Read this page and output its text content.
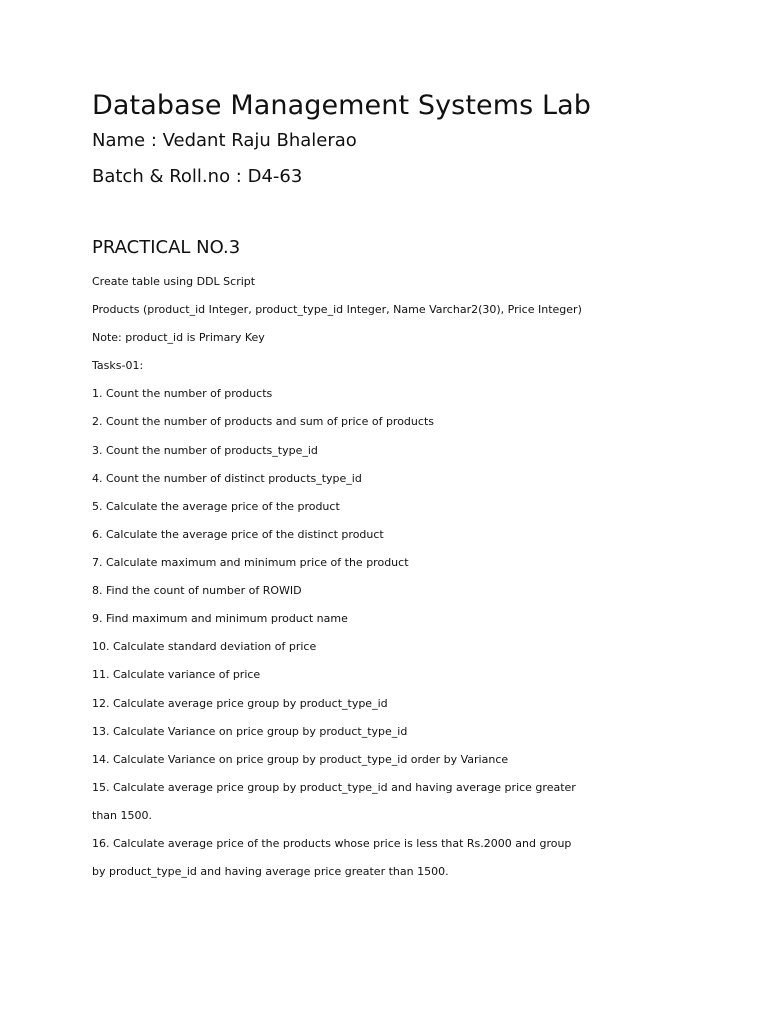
Database Management Systems Lab
Name : Vedant Raju Bhalerao
Batch & Roll.no : D4-63
PRACTICAL NO.3
Create table using DDL Script
Products (product_id Integer, product_type_id Integer, Name Varchar2(30), Price Integer)
Note: product_id is Primary Key
Tasks-01:
1. Count the number of products
2. Count the number of products and sum of price of products
3. Count the number of products_type_id
4. Count the number of distinct products_type_id
5. Calculate the average price of the product
6. Calculate the average price of the distinct product
7. Calculate maximum and minimum price of the product
8. Find the count of number of ROWID
9. Find maximum and minimum product name
10. Calculate standard deviation of price
11. Calculate variance of price
12. Calculate average price group by product_type_id
13. Calculate Variance on price group by product_type_id
14. Calculate Variance on price group by product_type_id order by Variance
15. Calculate average price group by product_type_id and having average price greater
than 1500.
16. Calculate average price of the products whose price is less that Rs.2000 and group
by product_type_id and having average price greater than 1500.
